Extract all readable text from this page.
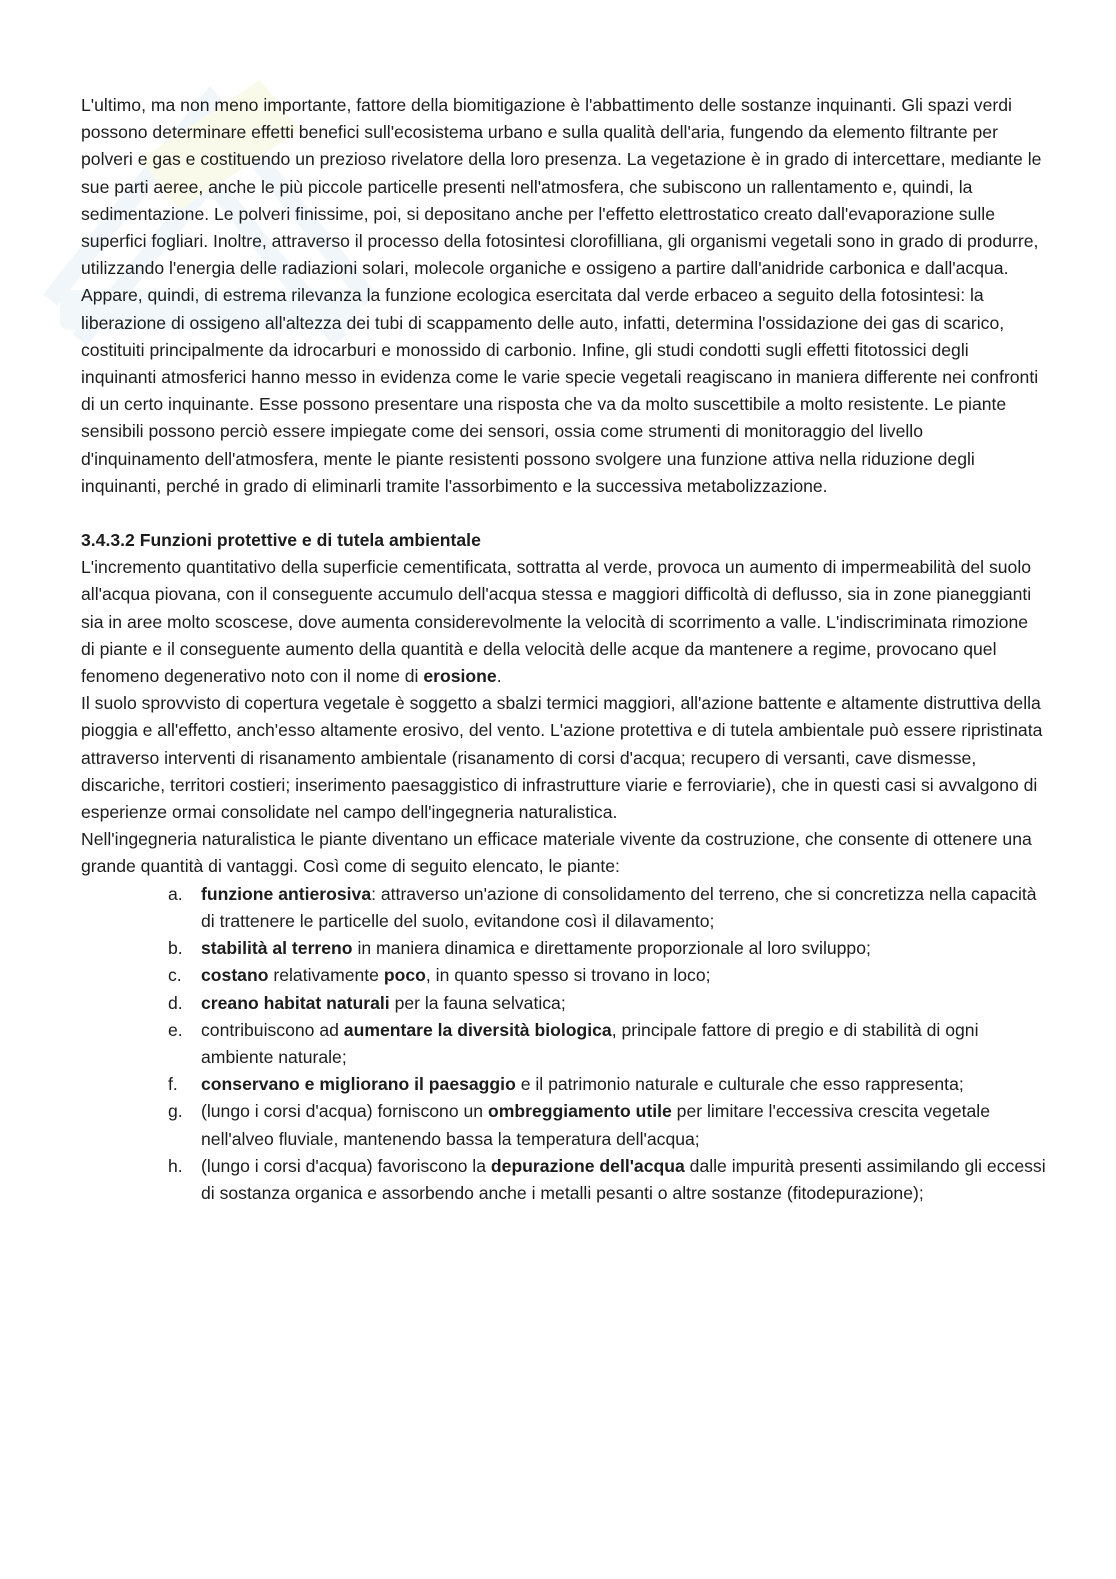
L'ultimo, ma non meno importante, fattore della biomitigazione è l'abbattimento delle sostanze inquinanti. Gli spazi verdi possono determinare effetti benefici sull'ecosistema urbano e sulla qualità dell'aria, fungendo da elemento filtrante per polveri e gas e costituendo un prezioso rivelatore della loro presenza. La vegetazione è in grado di intercettare, mediante le sue parti aeree, anche le più piccole particelle presenti nell'atmosfera, che subiscono un rallentamento e, quindi, la sedimentazione. Le polveri finissime, poi, si depositano anche per l'effetto elettrostatico creato dall'evaporazione sulle superfici fogliari. Inoltre, attraverso il processo della fotosintesi clorofilliana, gli organismi vegetali sono in grado di produrre, utilizzando l'energia delle radiazioni solari, molecole organiche e ossigeno a partire dall'anidride carbonica e dall'acqua. Appare, quindi, di estrema rilevanza la funzione ecologica esercitata dal verde erbaceo a seguito della fotosintesi: la liberazione di ossigeno all'altezza dei tubi di scappamento delle auto, infatti, determina l'ossidazione dei gas di scarico, costituiti principalmente da idrocarburi e monossido di carbonio. Infine, gli studi condotti sugli effetti fitotossici degli inquinanti atmosferici hanno messo in evidenza come le varie specie vegetali reagiscano in maniera differente nei confronti di un certo inquinante. Esse possono presentare una risposta che va da molto suscettibile a molto resistente. Le piante sensibili possono perciò essere impiegate come dei sensori, ossia come strumenti di monitoraggio del livello d'inquinamento dell'atmosfera, mente le piante resistenti possono svolgere una funzione attiva nella riduzione degli inquinanti, perché in grado di eliminarli tramite l'assorbimento e la successiva metabolizzazione.

3.4.3.2 Funzioni protettive e di tutela ambientale

L'incremento quantitativo della superficie cementificata, sottratta al verde, provoca un aumento di impermeabilità del suolo all'acqua piovana, con il conseguente accumulo dell'acqua stessa e maggiori difficoltà di deflusso, sia in zone pianeggianti sia in aree molto scoscese, dove aumenta considerevolmente la velocità di scorrimento a valle. L'indiscriminata rimozione di piante e il conseguente aumento della quantità e della velocità delle acque da mantenere a regime, provocano quel fenomeno degenerativo noto con il nome di erosione.

Il suolo sprovvisto di copertura vegetale è soggetto a sbalzi termici maggiori, all'azione battente e altamente distruttiva della pioggia e all'effetto, anch'esso altamente erosivo, del vento. L'azione protettiva e di tutela ambientale può essere ripristinata attraverso interventi di risanamento ambientale (risanamento di corsi d'acqua; recupero di versanti, cave dismesse, discariche, territori costieri; inserimento paesaggistico di infrastrutture viarie e ferroviarie), che in questi casi si avvalgono di esperienze ormai consolidate nel campo dell'ingegneria naturalistica.

Nell'ingegneria naturalistica le piante diventano un efficace materiale vivente da costruzione, che consente di ottenere una grande quantità di vantaggi. Così come di seguito elencato, le piante:

a. funzione antierosiva: attraverso un'azione di consolidamento del terreno, che si concretizza nella capacità di trattenere le particelle del suolo, evitandone così il dilavamento;
b. stabilità al terreno in maniera dinamica e direttamente proporzionale al loro sviluppo;
c. costano relativamente poco, in quanto spesso si trovano in loco;
d. creano habitat naturali per la fauna selvatica;
e. contribuiscono ad aumentare la diversità biologica, principale fattore di pregio e di stabilità di ogni ambiente naturale;
f. conservano e migliorano il paesaggio e il patrimonio naturale e culturale che esso rappresenta;
g. (lungo i corsi d'acqua) forniscono un ombreggiamento utile per limitare l'eccessiva crescita vegetale nell'alveo fluviale, mantenendo bassa la temperatura dell'acqua;
h. (lungo i corsi d'acqua) favoriscono la depurazione dell'acqua dalle impurità presenti assimilando gli eccessi di sostanza organica e assorbendo anche i metalli pesanti o altre sostanze (fitodepurazione);
